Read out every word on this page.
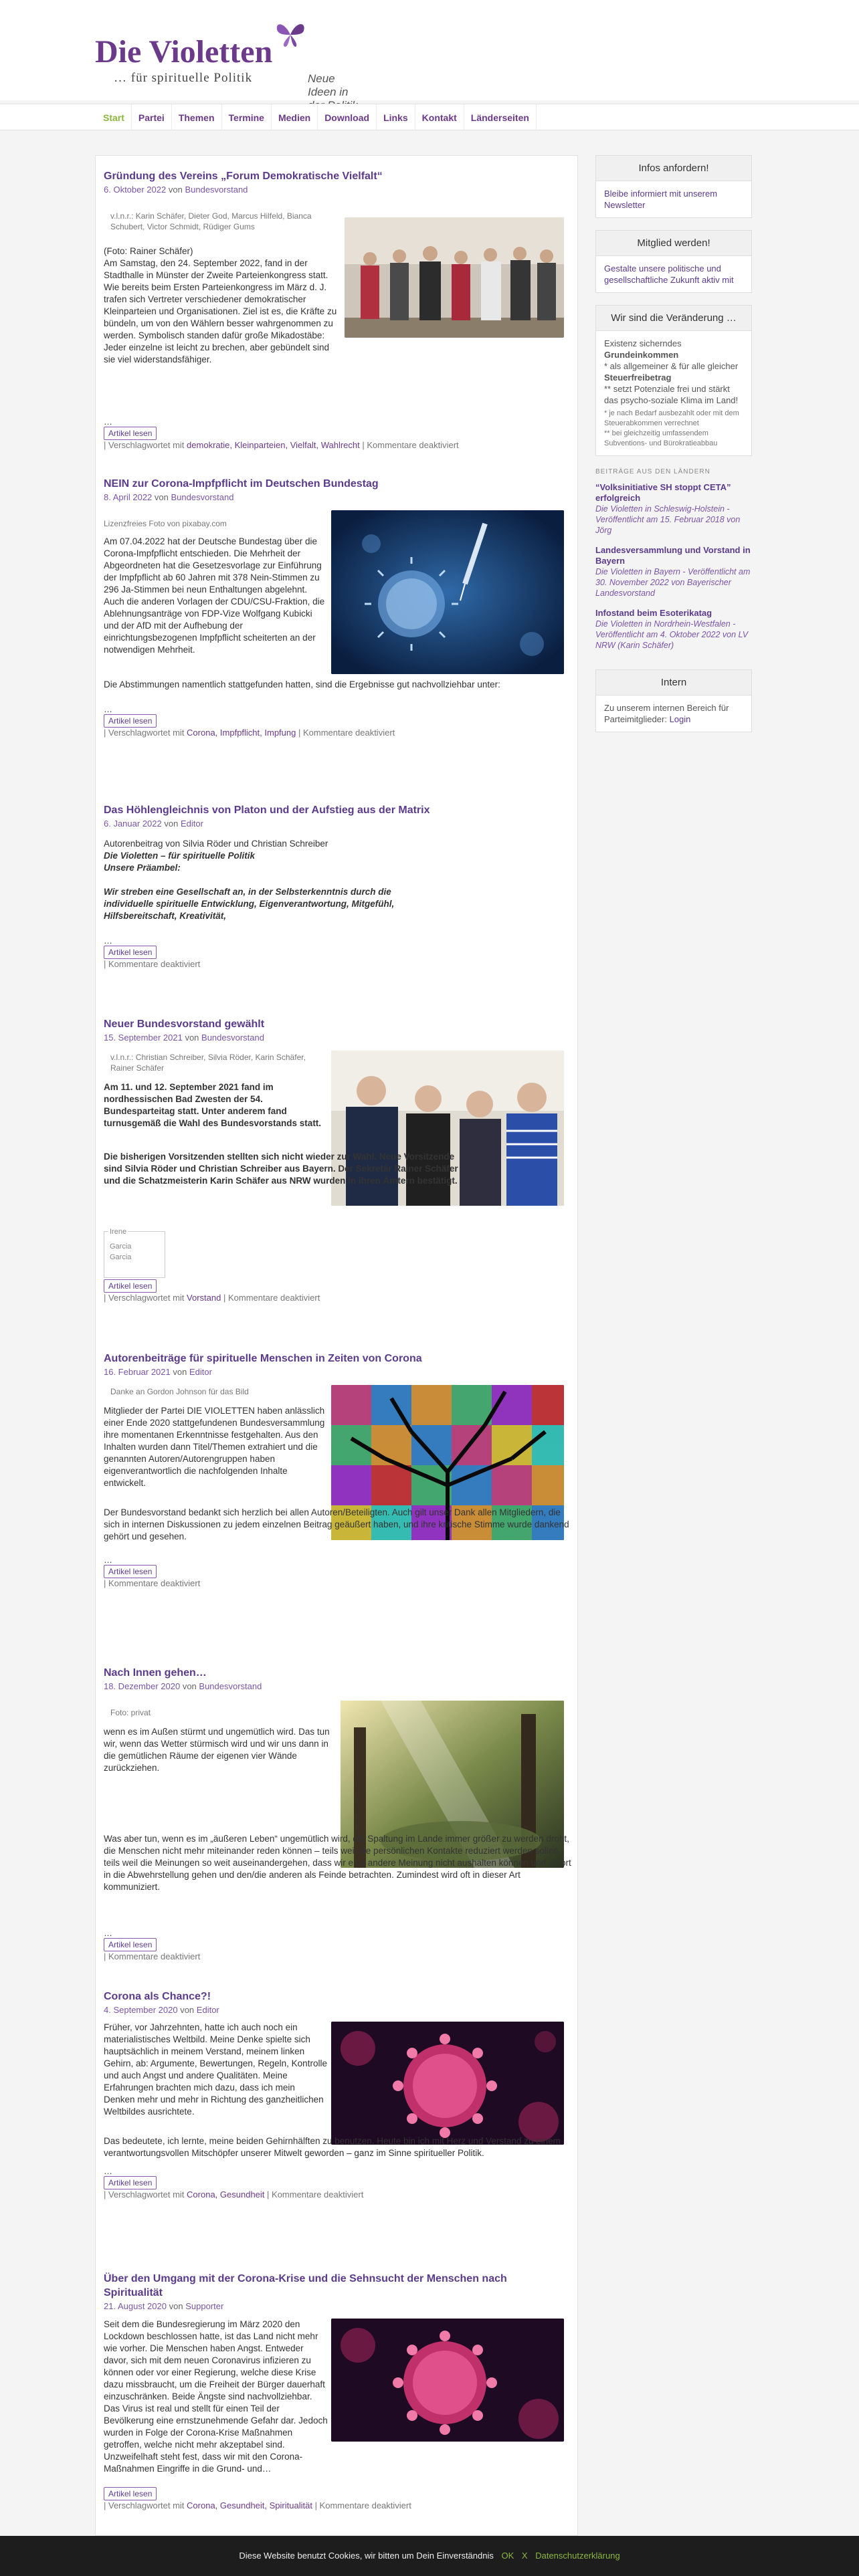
Die Violetten
… für spirituelle Politik	Neue Ideen in
Start	Partei	Themen	Termine	Medien	Download	Links	Kontakt	Länderseiten
Gründung des Vereins „Forum Demokratische Vielfalt“
6. Oktober 2022 von Bundesvorstand
v.l.n.r.: Karin Schäfer, Dieter God, Marcus Hilfeld, Bianca Schubert, Victor Schmidt, Rüdiger Gums

(Foto: Rainer Schäfer)

Am Samstag, den 24. September 2022, fand in der Stadthalle in Münster der Zweite Parteienkongress statt. Wie bereits beim Ersten Parteienkongress im März d. J. trafen sich Vertreter verschiedener demokratischer Kleinparteien und Organisationen. Ziel ist es, die Kräfte zu bündeln, um von den Wählern besser wahrgenommen zu werden. Symbolisch standen dafür große Mikadostäbe: Jeder einzelne ist leicht zu brechen, aber gebündelt sind sie viel widerstandsfähiger.

…
Artikel lesen
| Verschlagwortet mit demokratie, Kleinparteien, Vielfalt, Wahlrecht | Kommentare deaktiviert
NEIN zur Corona-Impfpflicht im Deutschen Bundestag
8. April 2022 von Bundesvorstand
Lizenzfreies Foto von pixabay.com

Am 07.04.2022 hat der Deutsche Bundestag über die Corona-Impfpflicht entschieden. Die Mehrheit der Abgeordneten hat die Gesetzesvorlage zur Einführung der Impfpflicht ab 60 Jahren mit 378 Nein-Stimmen zu 296 Ja-Stimmen bei neun Enthaltungen abgelehnt. Auch die anderen Vorlagen der CDU/CSU-Fraktion, die Ablehnungsanträge von FDP-Vize Wolfgang Kubicki und der AfD mit der Aufhebung der einrichtungsbezogenen Impfpflicht scheiterten an der notwendigen Mehrheit.

Die Abstimmungen namentlich stattgefunden hatten, sind die Ergebnisse gut nachvollziehbar unter:

…
Artikel lesen
| Verschlagwortet mit Corona, Impfpflicht, Impfung | Kommentare deaktiviert
Das Höhlengleichnis von Platon und der Aufstieg aus der Matrix
6. Januar 2022 von Editor

Autorenbeitrag von Silvia Röder und Christian Schreiber

Die Violetten – für spirituelle Politik

Unsere Präambel:

Wir streben eine Gesellschaft an, in der Selbsterkenntnis durch die individuelle spirituelle Entwicklung, Eigenverantwortung, Mitgefühl, Hilfsbereitschaft, Kreativität,

…
Artikel lesen
| Kommentare deaktiviert
Neuer Bundesvorstand gewählt
15. September 2021 von Bundesvorstand
v.l.n.r.: Christian Schreiber, Silvia Röder, Karin Schäfer, Rainer Schäfer

Am 11. und 12. September 2021 fand im nordhessischen Bad Zwesten der 54. Bundesparteitag statt. Unter anderem fand turnusgemäß die Wahl des Bundesvorstands statt.

Die bisherigen Vorsitzenden stellten sich nicht wieder zur Wahl. Neue Vorsitzende sind Silvia Röder und Christian Schreiber aus Bayern. Der Sekretär Rainer Schäfer und die Schatzmeisterin Karin Schäfer aus NRW wurden in ihren Ämtern bestätigt.

Irene
Garcia
Garcia
Artikel lesen
| Verschlagwortet mit Vorstand | Kommentare deaktiviert
Autorenbeiträge für spirituelle Menschen in Zeiten von Corona
16. Februar 2021 von Editor
Danke an Gordon Johnson für das Bild

Mitglieder der Partei DIE VIOLETTEN haben anlässlich einer Ende 2020 stattgefundenen Bundesversammlung ihre momentanen Erkenntnisse festgehalten. Aus den Inhalten wurden dann Titel/Themen extrahiert und die genannten Autoren/Autorengruppen haben eigenverantwortlich die nachfolgenden Inhalte entwickelt.

Der Bundesvorstand bedankt sich herzlich bei allen Autoren/Beteiligten. Auch gilt unser Dank allen Mitgliedern, die sich in internen Diskussionen zu jedem einzelnen Beitrag geäußert haben, und ihre kritische Stimme wurde dankend gehört und gesehen.

…
Artikel lesen
| Kommentare deaktiviert
Nach Innen gehen…
18. Dezember 2020 von Bundesvorstand
Foto: privat

wenn es im Außen stürmt und ungemütlich wird. Das tun wir, wenn das Wetter stürmisch wird und wir uns dann in die gemütlichen Räume der eigenen vier Wände zurückziehen.

Was aber tun, wenn es im „äußeren Leben“ ungemütlich wird, die Spaltung im Lande immer größer zu werden droht, die Menschen nicht mehr miteinander reden können – teils weil die persönlichen Kontakte reduziert werden sollen, teils weil die Meinungen so weit auseinandergehen, dass wir eine andere Meinung nicht aushalten können und sofort in die Abwehrstellung gehen und den/die anderen als Feinde betrachten. Zumindest wird oft in dieser Art kommuniziert.

…
Artikel lesen
| Kommentare deaktiviert
Corona als Chance?!
4. September 2020 von Editor

Früher, vor Jahrzehnten, hatte ich auch noch ein materialistisches Weltbild. Meine Denke spielte sich hauptsächlich in meinem Verstand, meinem linken Gehirn, ab: Argumente, Bewertungen, Regeln, Kontrolle und auch Angst und andere Qualitäten. Meine Erfahrungen brachten mich dazu, dass ich mein Denken mehr und mehr in Richtung des ganzheitlichen Weltbildes ausrichtete.

Das bedeutete, ich lernte, meine beiden Gehirnhälften zu benutzen. Heute bin ich mit Herz und Verstand zu einem verantwortungsvollen Mitschöpfer unserer Mitwelt geworden – ganz im Sinne spiritueller Politik.

…
Artikel lesen
| Verschlagwortet mit Corona, Gesundheit | Kommentare deaktiviert
Über den Umgang mit der Corona-Krise und die Sehnsucht der Menschen nach Spiritualität
21. August 2020 von Supporter

Seit dem die Bundesregierung im März 2020 den Lockdown beschlossen hatte, ist das Land nicht mehr wie vorher. Die Menschen haben Angst. Entweder davor, sich mit dem neuen Coronavirus infizieren zu können oder vor einer Regierung, welche diese Krise dazu missbraucht, um die Freiheit der Bürger dauerhaft einzuschränken. Beide Ängste sind nachvollziehbar. Das Virus ist real und stellt für einen Teil der Bevölkerung eine ernstzunehmende Gefahr dar. Jedoch wurden in Folge der Corona-Krise Maßnahmen getroffen, welche nicht mehr akzeptabel sind. Unzweifelhaft steht fest, dass wir mit den Corona-Maßnahmen Eingriffe in die Grund- und…

Artikel lesen
| Verschlagwortet mit Corona, Gesundheit, Spiritualität | Kommentare deaktiviert
Infos anfordern!
Bleibe informiert mit unserem Newsletter
Mitglied werden!
Gestalte unsere politische und gesellschaftliche Zukunft aktiv mit
Wir sind die Veränderung …
Existenz sicherndes
Grundeinkommen
* als allgemeiner & für alle gleicher
Steuerfreibetrag
** setzt Potenziale frei und stärkt das psycho-soziale Klima im Land!
* je nach Bedarf ausbezahlt oder mit dem Steuerabkommen verrechnet
** bei gleichzeitig umfassendem Subventions- und Bürokratieabbau
BEITRÄGE AUS DEN LÄNDERN
“Volksinitiative SH stoppt CETA” erfolgreich
Die Violetten in Schleswig-Holstein - Veröffentlicht am 15. Februar 2018 von Jörg
Landesversammlung und Vorstand in Bayern
Die Violetten in Bayern - Veröffentlicht am 30. November 2022 von Bayerischer Landesvorstand
Infostand beim Esoterikatag
Die Violetten in Nordrhein-Westfalen - Veröffentlicht am 4. Oktober 2022 von LV NRW (Karin Schäfer)
Intern
Zu unserem internen Bereich für Parteimitglieder: Login
Diese Website benutzt Cookies, wir bitten um Dein Einverständnis OK X Datenschutzerklärung
